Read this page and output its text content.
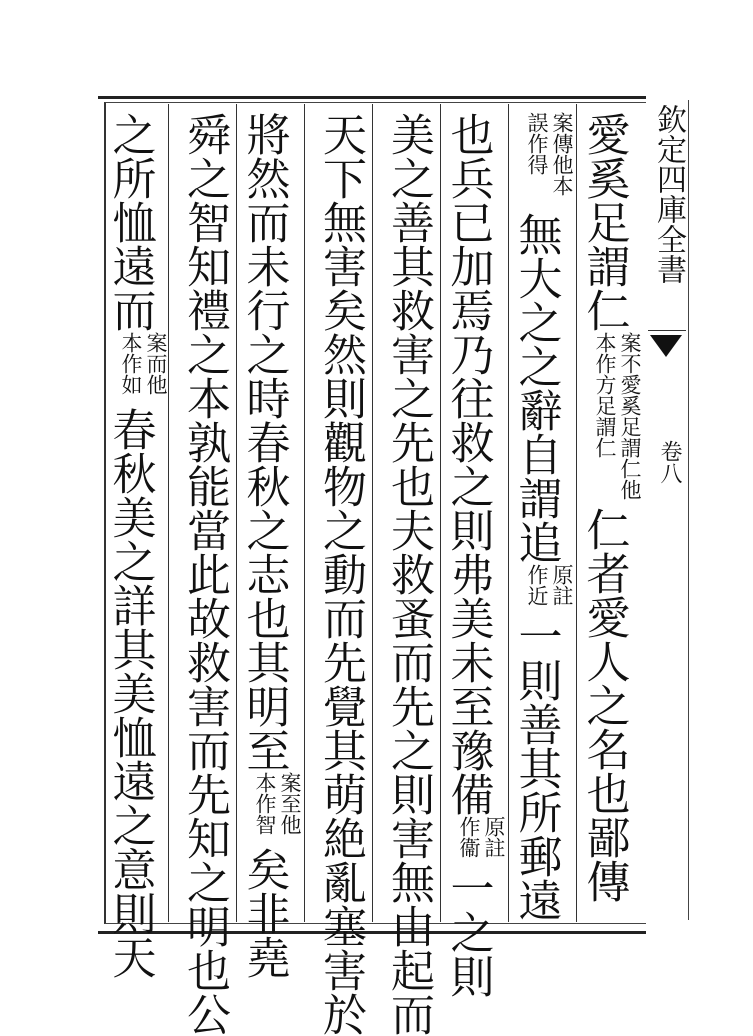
愛奚足謂仁案不愛奚足謂仁他本作方足謂仁仁者愛人之名也鄙傳
案傳他本誤作得無大之之辭自謂追原註作近一則善其所郵遠
也兵已加焉乃往救之則弗美未至豫備原註作衞一之則
美之善其救害之先也夫救蚤而先之則害無由起而
天下無害矣然則觀物之動而先覺其萌絶亂塞害於
將然而未行之時春秋之志也其明至案至他本作智矣非堯
舜之智知禮之本孰能當此故救害而先知之明也公
之所恤遠而案而他本作如春秋美之詳其美恤遠之意則天
欽定四庫全書
卷八
